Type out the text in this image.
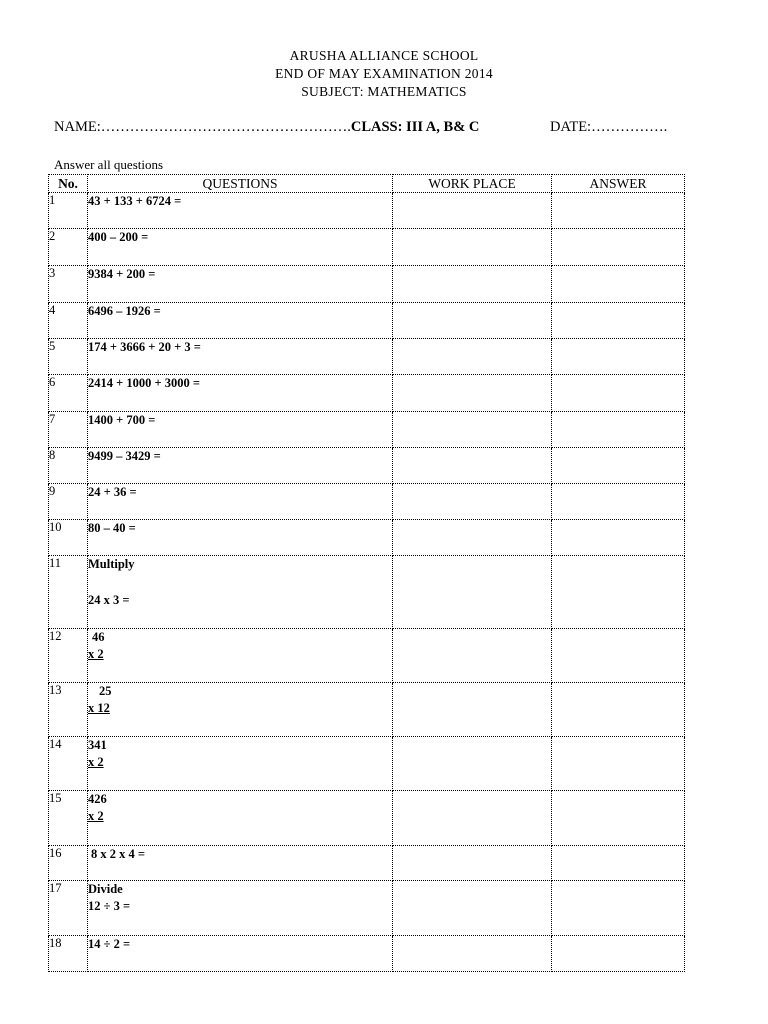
ARUSHA ALLIANCE SCHOOL
END OF MAY EXAMINATION 2014
SUBJECT: MATHEMATICS
NAME:…………………………………………….CLASS: III A, B& C	DATE:…………….
Answer all questions
No.	QUESTIONS	WORK PLACE	ANSWER
1	43 + 133 + 6724 =		

2	400 – 200 =		

3	9384 + 200 =		

4	6496 – 1926 =		

5	174 + 3666 + 20 + 3 =		

6	2414 + 1000 + 3000 =		

7	1400 + 700 =		

8	9499 – 3429 =		

9	24 + 36 =		

10	80 – 40 =		

11	Multiply
24 x 3 =		

12	46
x 2		

13	25
x 12		

14	341
x 2		

15	426
x 2		

16	8 x 2 x 4 =		

17	Divide
12 ÷ 3 =		

18	14 ÷ 2 =		
